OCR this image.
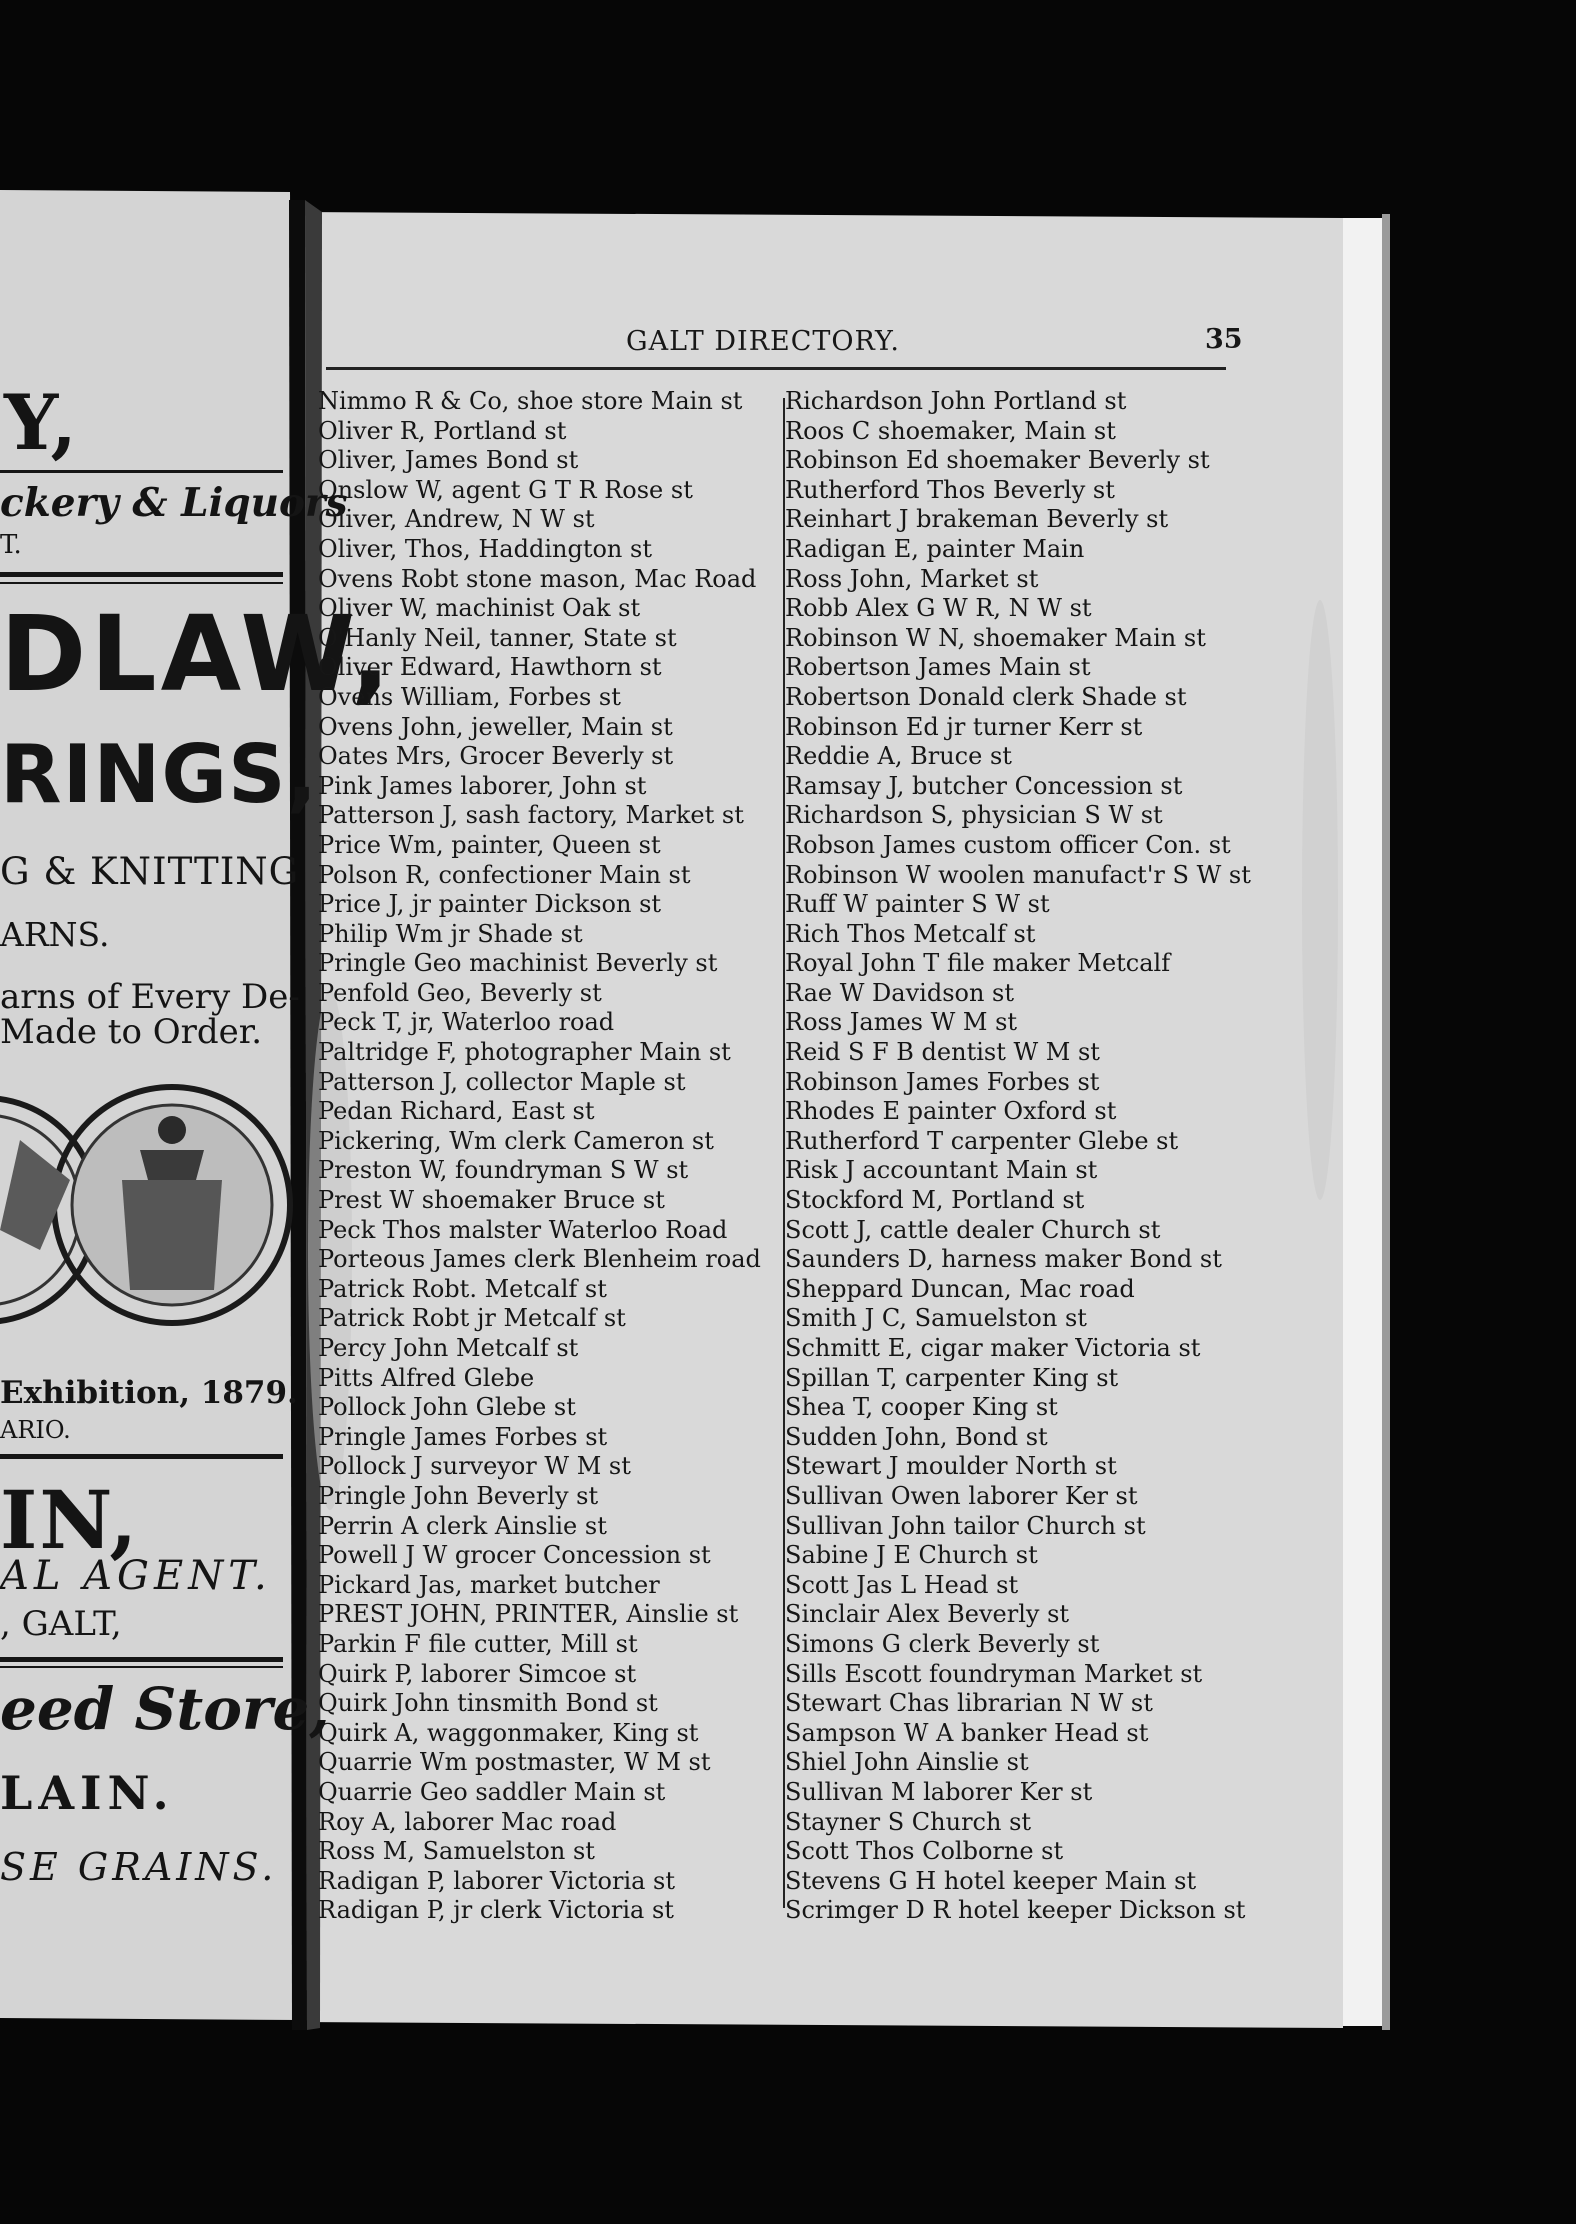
Y,
ckery & Liquors
T.
DLAW,
RINGS,
G & KNITTING
ARNS.
arns of Every De-
Made to Order.
Exhibition, 1879.
ARIO.
IN,
AL AGENT.
, GALT,
eed Store,
LAIN.
SE GRAINS.
GALT DIRECTORY.	35
Nimmo R & Co, shoe store Main st
Oliver R, Portland st
Oliver, James Bond st
Onslow W, agent G T R Rose st
Oliver, Andrew, N W st
Oliver, Thos, Haddington st
Ovens Robt stone mason, Mac Road
Oliver W, machinist Oak st
O'Hanly Neil, tanner, State st
Oliver Edward, Hawthorn st
Ovens William, Forbes st
Ovens John, jeweller, Main st
Oates Mrs, Grocer Beverly st
Pink James laborer, John st
Patterson J, sash factory, Market st
Price Wm, painter, Queen st
Polson R, confectioner Main st
Price J, jr painter Dickson st
Philip Wm jr Shade st
Pringle Geo machinist Beverly st
Penfold Geo, Beverly st
Peck T, jr, Waterloo road
Paltridge F, photographer Main st
Patterson J, collector Maple st
Pedan Richard, East st
Pickering, Wm clerk Cameron st
Preston W, foundryman S W st
Prest W shoemaker Bruce st
Peck Thos malster Waterloo Road
Porteous James clerk Blenheim road
Patrick Robt. Metcalf st
Patrick Robt jr Metcalf st
Percy John Metcalf st
Pitts Alfred Glebe
Pollock John Glebe st
Pringle James Forbes st
Pollock J surveyor W M st
Pringle John Beverly st
Perrin A clerk Ainslie st
Powell J W grocer Concession st
Pickard Jas, market butcher
PREST JOHN, PRINTER, Ainslie st
Parkin F file cutter, Mill st
Quirk P, laborer Simcoe st
Quirk John tinsmith Bond st
Quirk A, waggonmaker, King st
Quarrie Wm postmaster, W M st
Quarrie Geo saddler Main st
Roy A, laborer Mac road
Ross M, Samuelston st
Radigan P, laborer Victoria st
Radigan P, jr clerk Victoria st
Richardson John Portland st
Roos C shoemaker, Main st
Robinson Ed shoemaker Beverly st
Rutherford Thos Beverly st
Reinhart J brakeman Beverly st
Radigan E, painter Main
Ross John, Market st
Robb Alex G W R, N W st
Robinson W N, shoemaker Main st
Robertson James Main st
Robertson Donald clerk Shade st
Robinson Ed jr turner Kerr st
Reddie A, Bruce st
Ramsay J, butcher Concession st
Richardson S, physician S W st
Robson James custom officer Con. st
Robinson W woolen manufact'r S W st
Ruff W painter S W st
Rich Thos Metcalf st
Royal John T file maker Metcalf
Rae W Davidson st
Ross James W M st
Reid S F B dentist W M st
Robinson James Forbes st
Rhodes E painter Oxford st
Rutherford T carpenter Glebe st
Risk J accountant Main st
Stockford M, Portland st
Scott J, cattle dealer Church st
Saunders D, harness maker Bond st
Sheppard Duncan, Mac road
Smith J C, Samuelston st
Schmitt E, cigar maker Victoria st
Spillan T, carpenter King st
Shea T, cooper King st
Sudden John, Bond st
Stewart J moulder North st
Sullivan Owen laborer Ker st
Sullivan John tailor Church st
Sabine J E Church st
Scott Jas L Head st
Sinclair Alex Beverly st
Simons G clerk Beverly st
Sills Escott foundryman Market st
Stewart Chas librarian N W st
Sampson W A banker Head st
Shiel John Ainslie st
Sullivan M laborer Ker st
Stayner S Church st
Scott Thos Colborne st
Stevens G H hotel keeper Main st
Scrimger D R hotel keeper Dickson st
